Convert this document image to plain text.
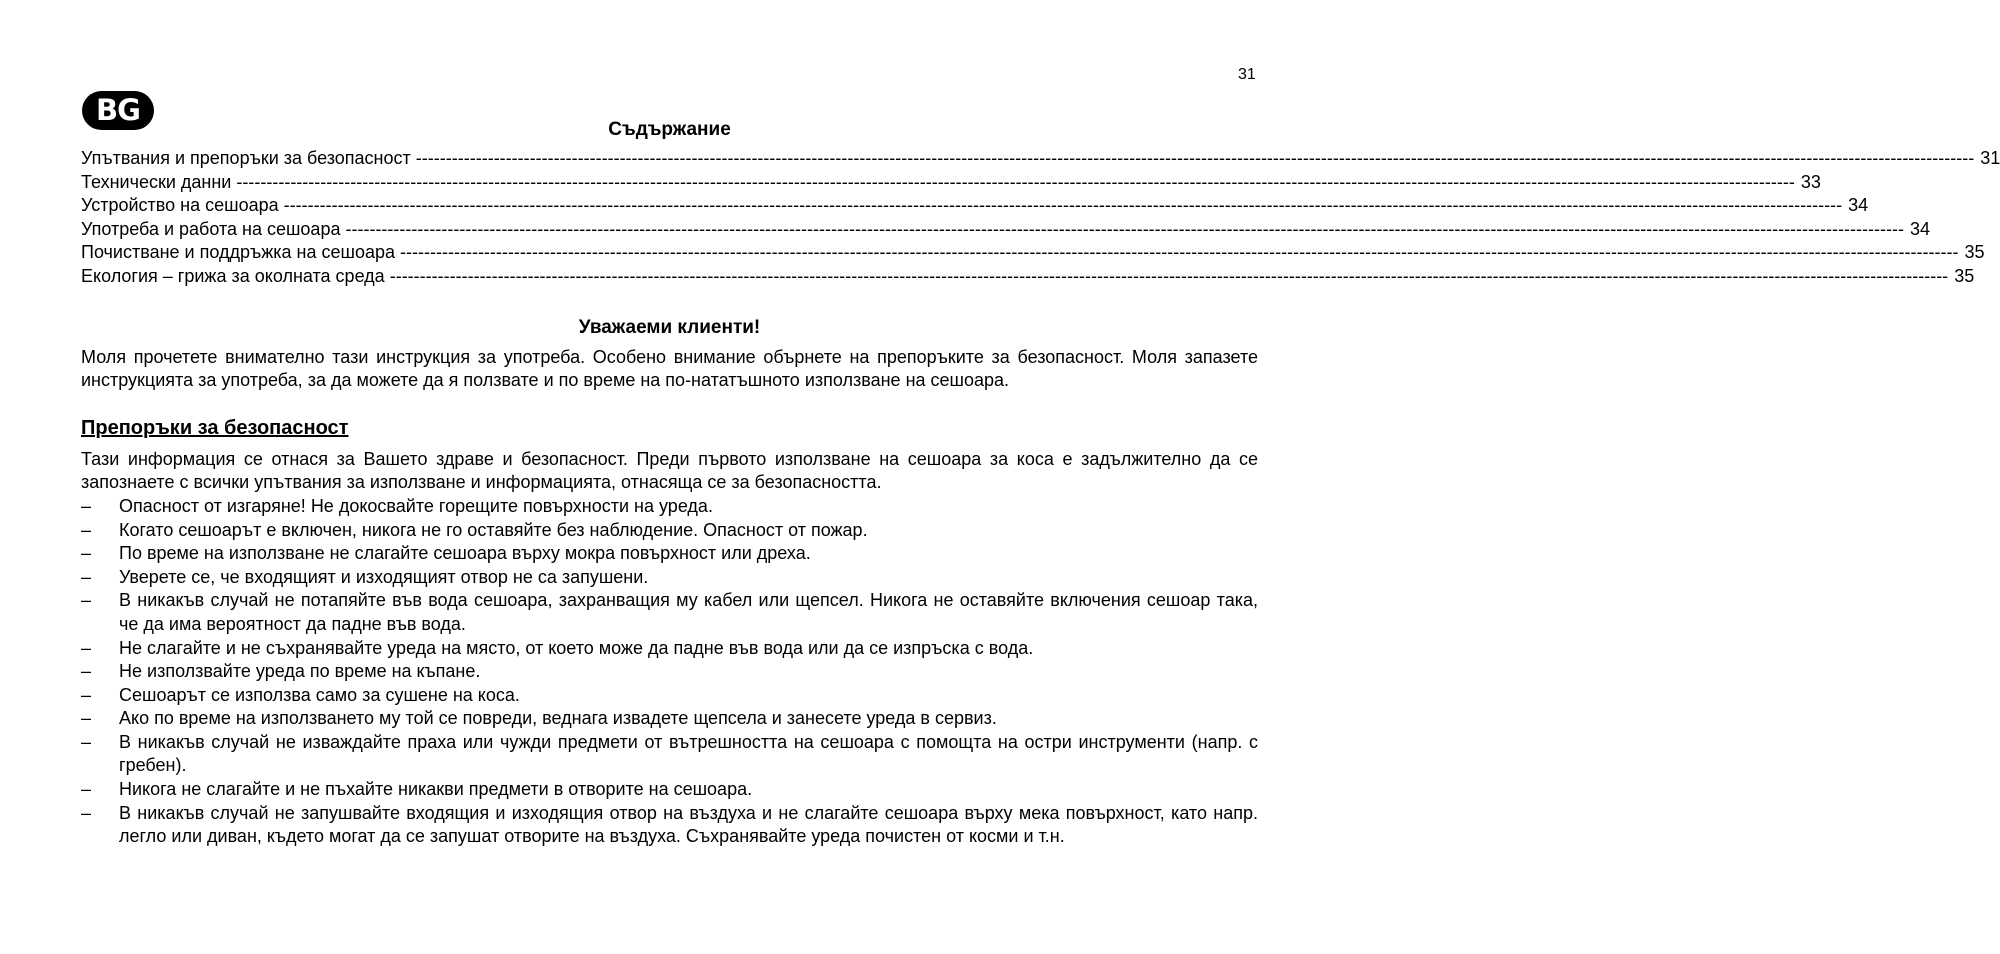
31
BG
Съдържание
Упътвания и препоръки за безопасност -------------------------------------------------------------------------------------------------------------------------------------------------------------------------------------------------------------------------------------------------------------------- 31
Технически данни -------------------------------------------------------------------------------------------------------------------------------------------------------------------------------------------------------------------------------------------------------------------- 33
Устройство на сешоара -------------------------------------------------------------------------------------------------------------------------------------------------------------------------------------------------------------------------------------------------------------------- 34
Употреба и работа на сешоара -------------------------------------------------------------------------------------------------------------------------------------------------------------------------------------------------------------------------------------------------------------------- 34
Почистване и поддръжка на сешоара -------------------------------------------------------------------------------------------------------------------------------------------------------------------------------------------------------------------------------------------------------------------- 35
Екология – грижа за околната среда -------------------------------------------------------------------------------------------------------------------------------------------------------------------------------------------------------------------------------------------------------------------- 35
Уважаеми клиенти!

Моля прочетете внимателно тази инструкция за употреба. Особено внимание обърнете на препоръките за безопасност. Моля запазете инструкцията за употреба, за да можете да я ползвате и по време на по-нататъшното използване на сешоара.

Препоръки за безопасност

Тази информация се отнася за Вашето здраве и безопасност. Преди първото използване на сешоара за коса е задължително да се запознаете с всички упътвания за използване и информацията, отнасяща се за безопасността.

– Опасност от изгаряне! Не докосвайте горещите повърхности на уреда.
– Когато сешоарът е включен, никога не го оставяйте без наблюдение. Опасност от пожар.
– По време на използване не слагайте сешоара върху мокра повърхност или дреха.
– Уверете се, че входящият и изходящият отвор не са запушени.
– В никакъв случай не потапяйте във вода сешоара, захранващия му кабел или щепсел. Никога не оставяйте включения сешоар така, че да има вероятност да падне във вода.
– Не слагайте и не съхранявайте уреда на място, от което може да падне във вода или да се изпръска с вода.
– Не използвайте уреда по време на къпане.
– Сешоарът се използва само за сушене на коса.
– Ако по време на използването му той се повреди, веднага извадете щепсела и занесете уреда в сервиз.
– В никакъв случай не изваждайте праха или чужди предмети от вътрешността на сешоара с помощта на остри инструменти (напр. с гребен).
– Никога не слагайте и не пъхайте никакви предмети в отворите на сешоара.
– В никакъв случай не запушвайте входящия и изходящия отвор на въздуха и не слагайте сешоара върху мека повърхност, като напр. легло или диван, където могат да се запушат отворите на въздуха. Съхранявайте уреда почистен от косми и т.н.
